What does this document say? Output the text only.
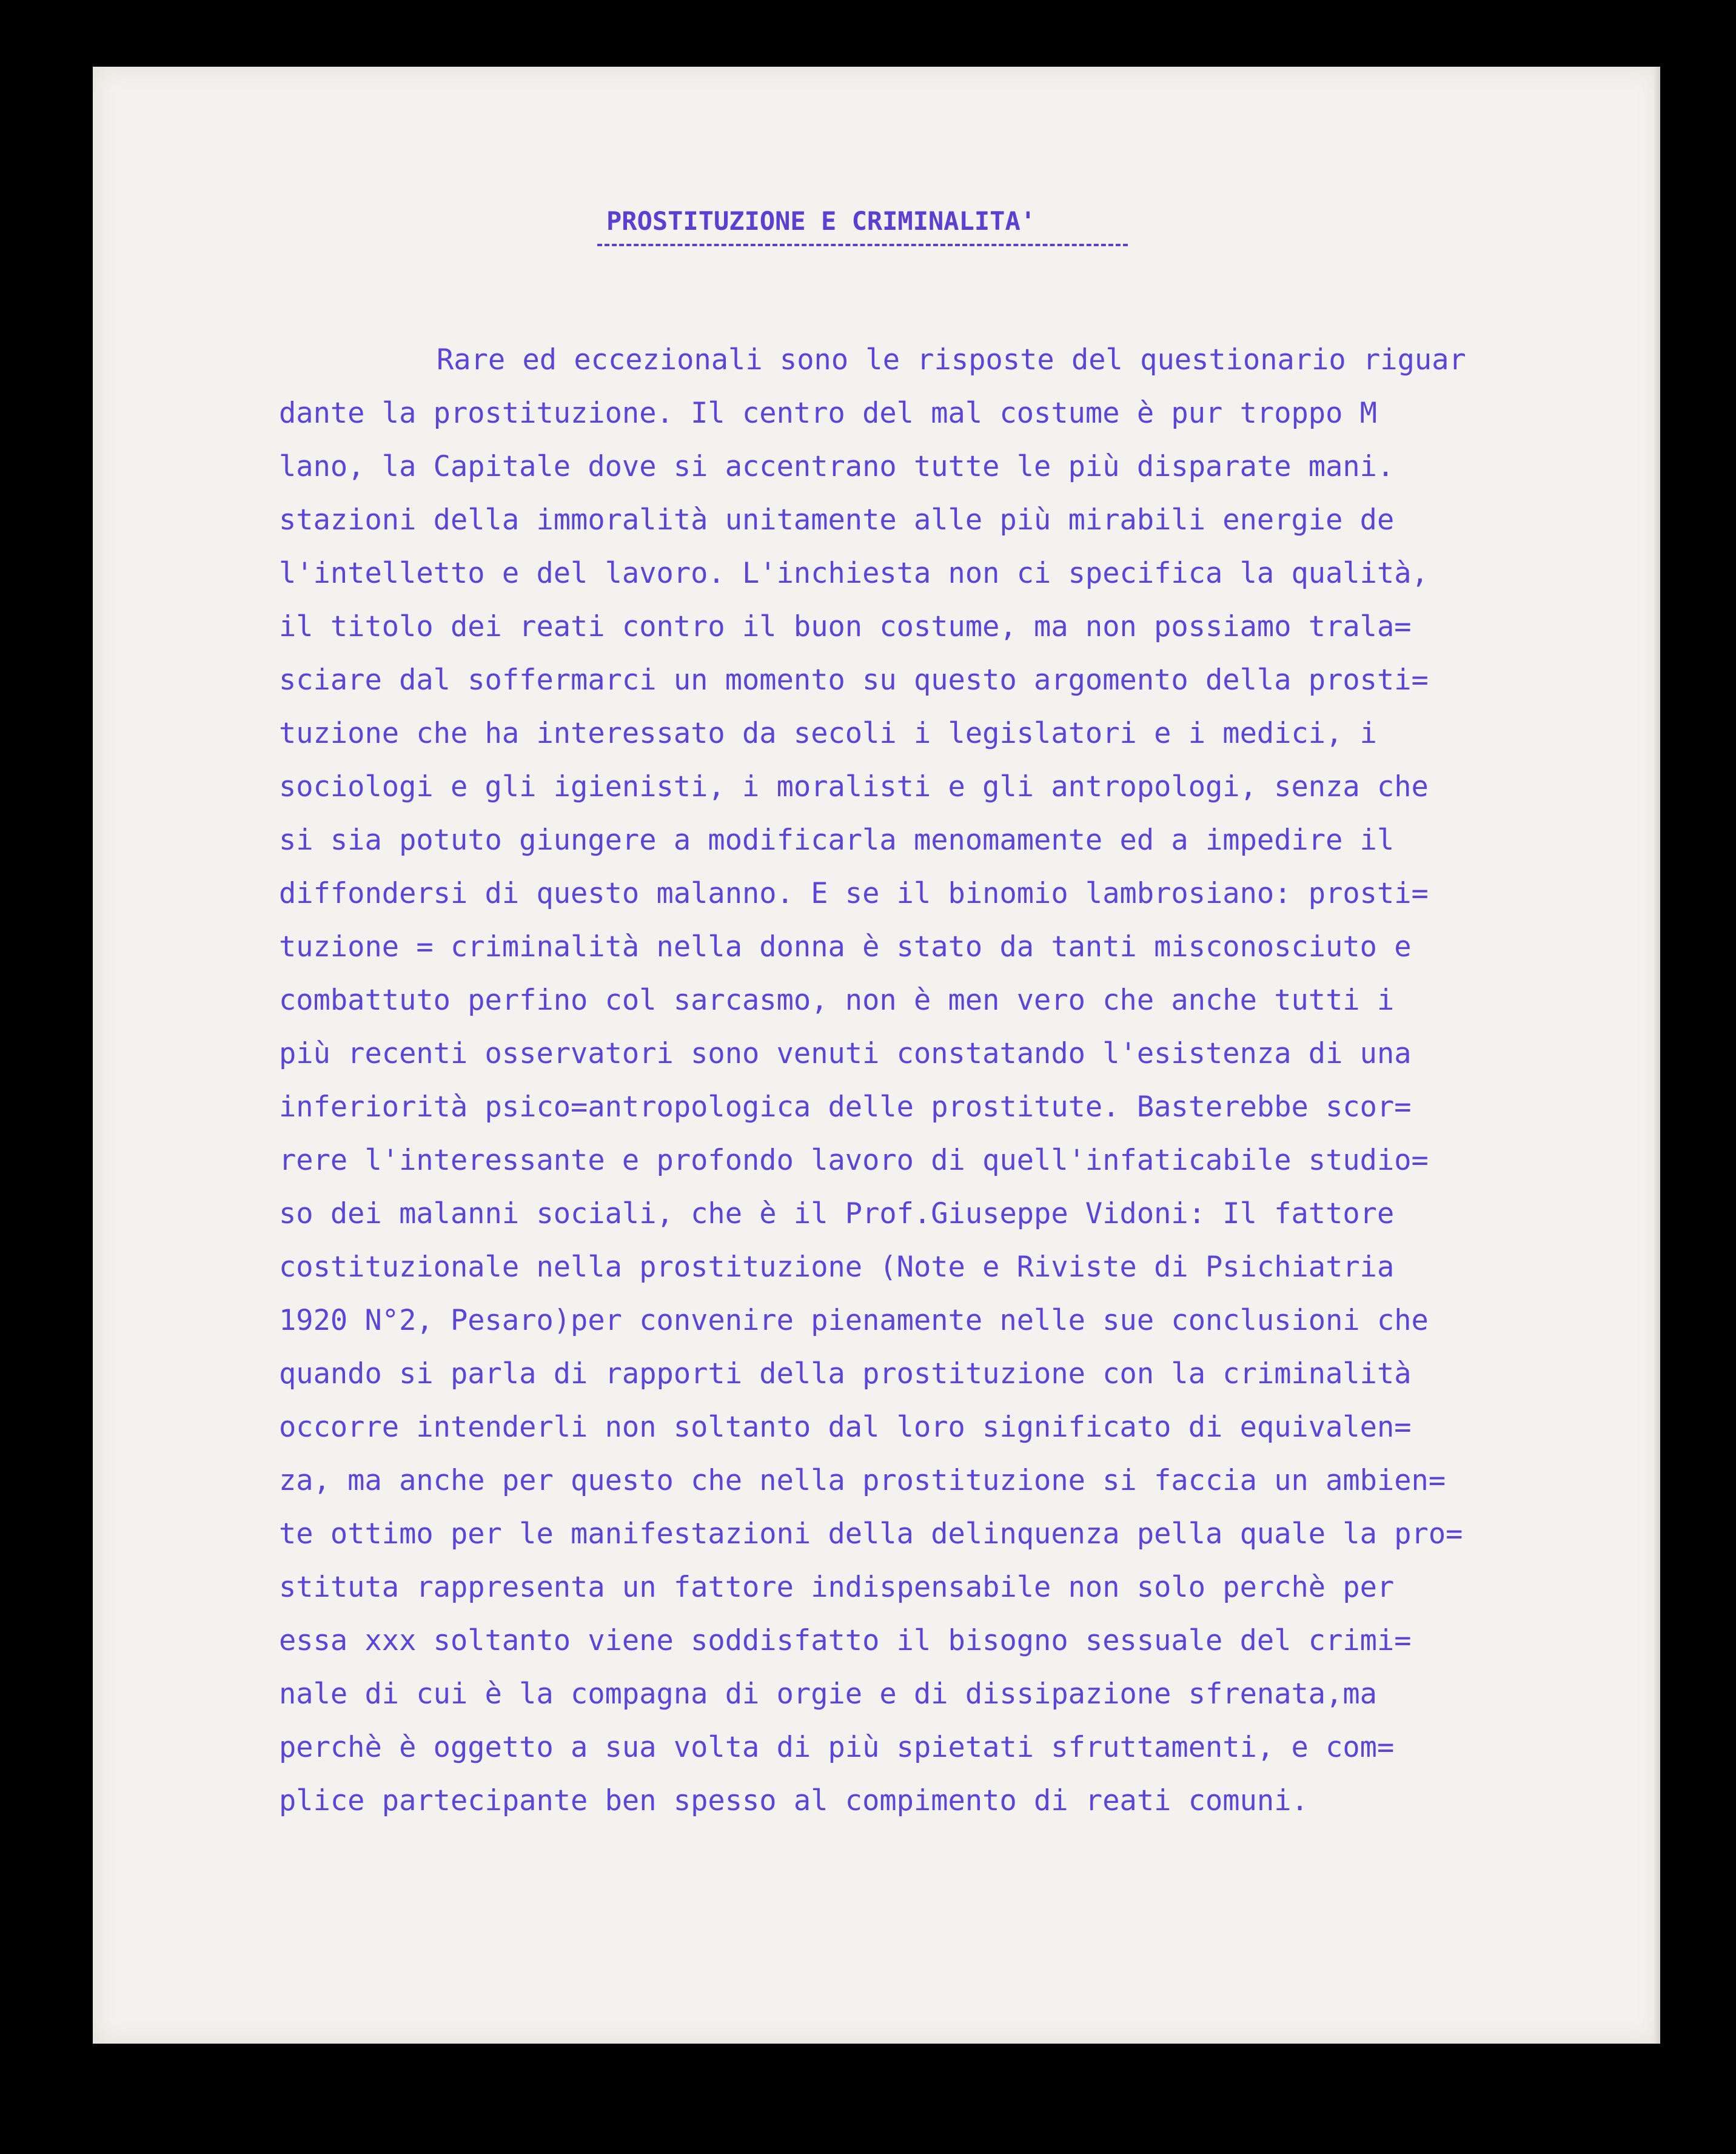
PROSTITUZIONE E CRIMINALITA'
Rare ed eccezionali sono le risposte del questionario riguar
dante la prostituzione. Il centro del mal costume è pur troppo M
lano, la Capitale dove si accentrano tutte le più disparate mani.
stazioni della immoralità unitamente alle più mirabili energie de
l'intelletto e del lavoro. L'inchiesta non ci specifica la qualità,
il titolo dei reati contro il buon costume, ma non possiamo trala=
sciare dal soffermarci un momento su questo argomento della prosti=
tuzione che ha interessato da secoli i legislatori e i medici, i
sociologi e gli igienisti, i moralisti e gli antropologi, senza che
si sia potuto giungere a modificarla menomamente ed a impedire il
diffondersi di questo malanno. E se il binomio lambrosiano: prosti=
tuzione = criminalità nella donna è stato da tanti misconosciuto e
combattuto perfino col sarcasmo, non è men vero che anche tutti i
più recenti osservatori sono venuti constatando l'esistenza di una
inferiorità psico=antropologica delle prostitute. Basterebbe scor=
rere l'interessante e profondo lavoro di quell'infaticabile studio=
so dei malanni sociali, che è il Prof.Giuseppe Vidoni: Il fattore
costituzionale nella prostituzione (Note e Riviste di Psichiatria
1920 N°2, Pesaro)per convenire pienamente nelle sue conclusioni che
quando si parla di rapporti della prostituzione con la criminalità
occorre intenderli non soltanto dal loro significato di equivalen=
za, ma anche per questo che nella prostituzione si faccia un ambien=
te ottimo per le manifestazioni della delinquenza pella quale la pro=
stituta rappresenta un fattore indispensabile non solo perchè per
essa xxx soltanto viene soddisfatto il bisogno sessuale del crimi=
nale di cui è la compagna di orgie e di dissipazione sfrenata,ma
perchè è oggetto a sua volta di più spietati sfruttamenti, e com=
plice partecipante ben spesso al compimento di reati comuni.
